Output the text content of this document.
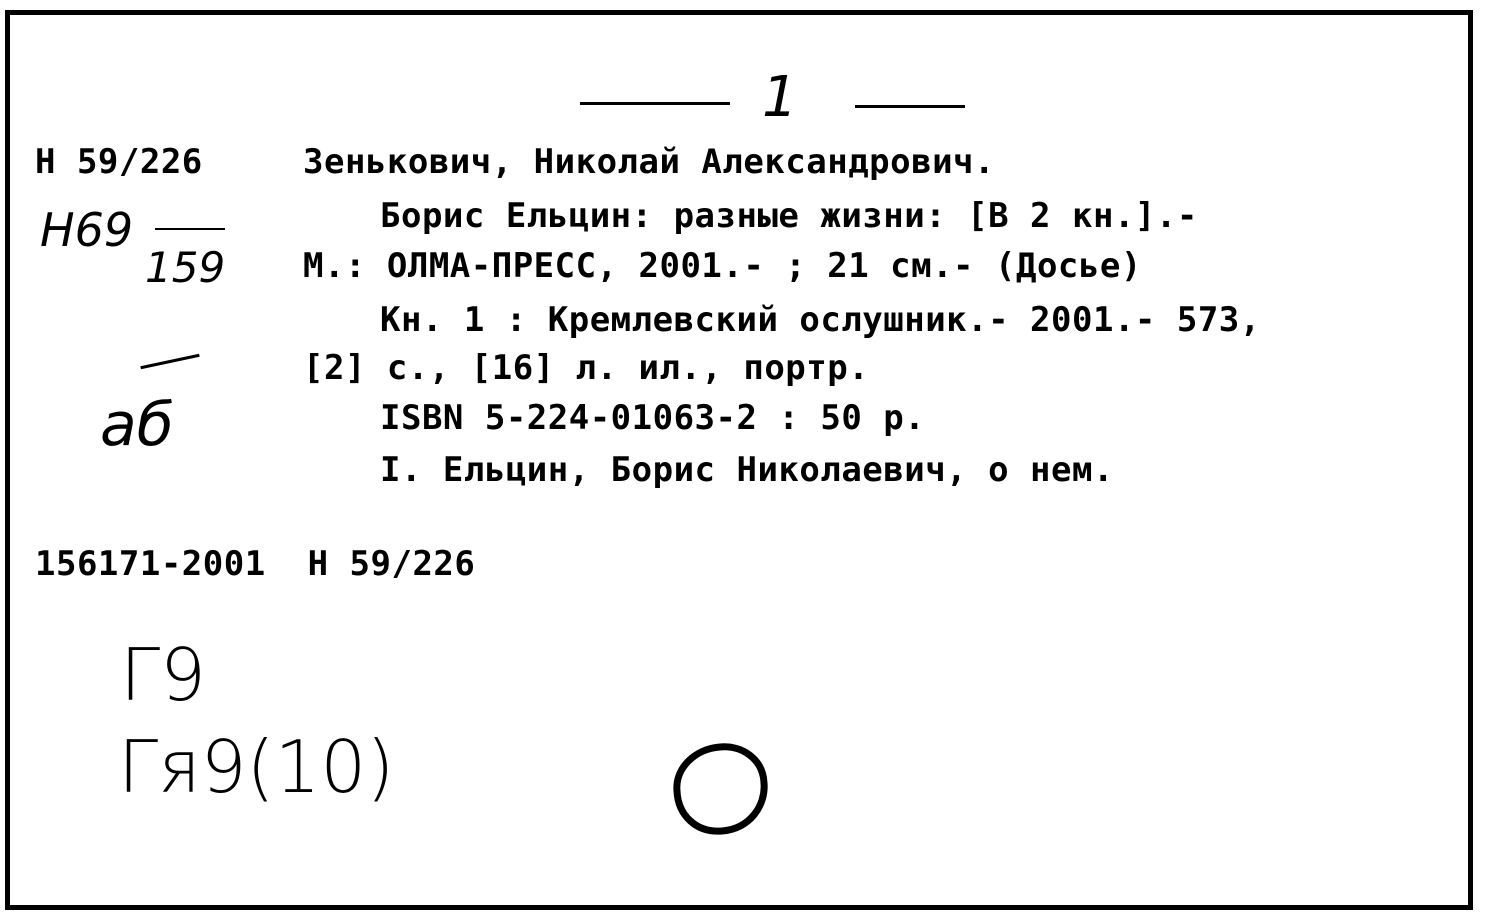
1
Н 59/226	Зенькович, Николай Александрович.
Борис Ельцин: разные жизни: [В 2 кн.].-
М.: ОЛМА-ПРЕСС, 2001.- ; 21 см.- (Досье)
Кн. 1 : Кремлевский ослушник.- 2001.- 573,
[2] с., [16] л. ил., портр.
ISBN 5-224-01063-2 : 50 р.
I. Ельцин, Борис Николаевич, о нем.
156171-2001  Н 59/226
Н69
159
аб
Г9
Гя9(10)
